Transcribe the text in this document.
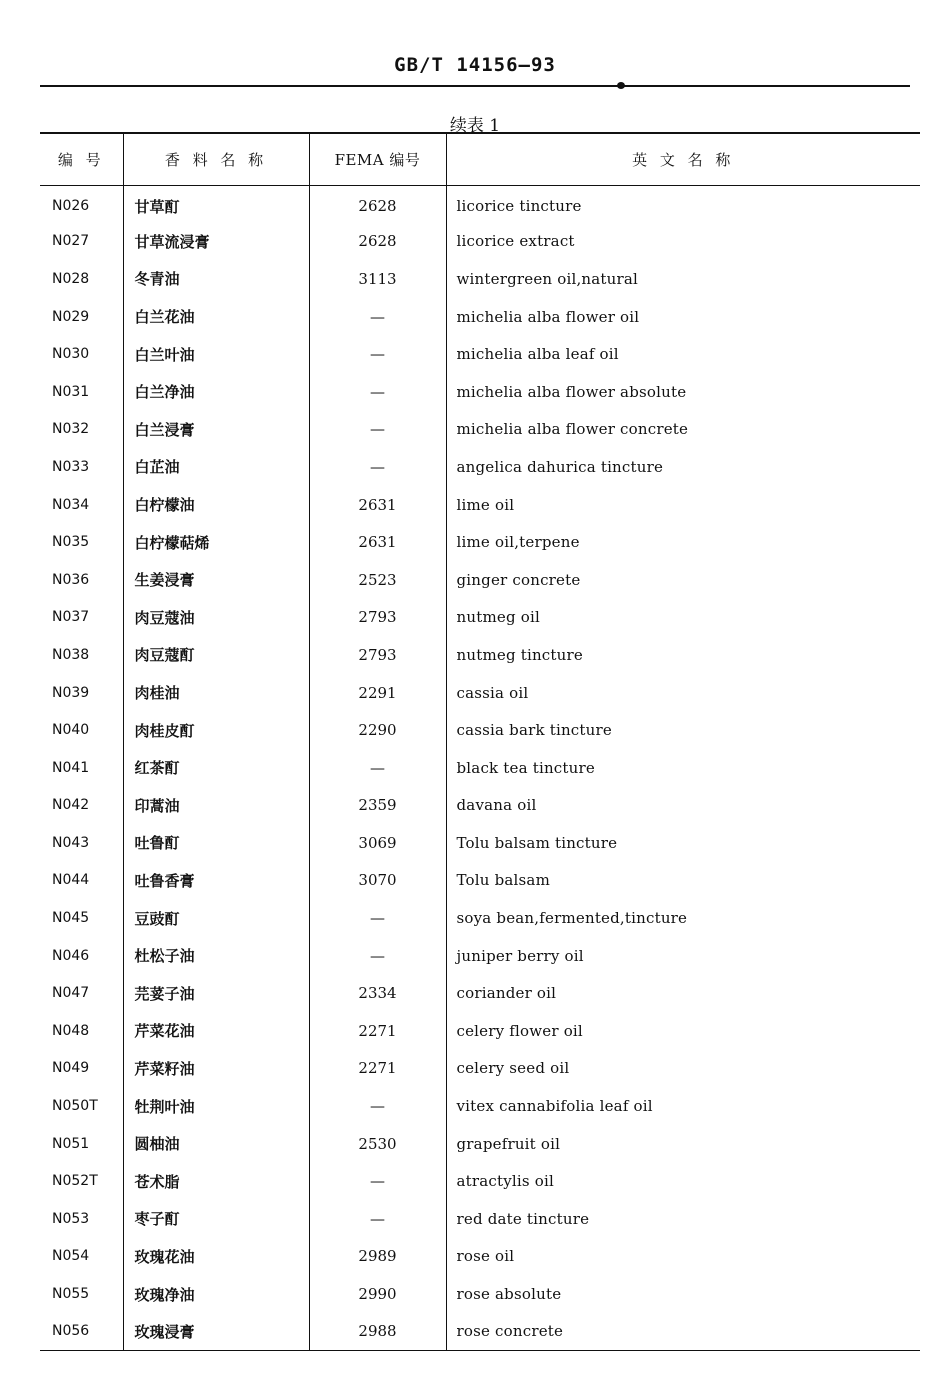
GB/T 14156—93
续表 1
编 号	香 料 名 称	FEMA 编号	英 文 名 称
N026	甘草酊	2628	licorice tincture
N027	甘草流浸膏	2628	licorice extract
N028	冬青油	3113	wintergreen oil,natural
N029	白兰花油	—	michelia alba flower oil
N030	白兰叶油	—	michelia alba leaf oil
N031	白兰净油	—	michelia alba flower absolute
N032	白兰浸膏	—	michelia alba flower concrete
N033	白芷油	—	angelica dahurica tincture
N034	白柠檬油	2631	lime oil
N035	白柠檬萜烯	2631	lime oil,terpene
N036	生姜浸膏	2523	ginger concrete
N037	肉豆蔻油	2793	nutmeg oil
N038	肉豆蔻酊	2793	nutmeg tincture
N039	肉桂油	2291	cassia oil
N040	肉桂皮酊	2290	cassia bark tincture
N041	红茶酊	—	black tea tincture
N042	印蒿油	2359	davana oil
N043	吐鲁酊	3069	Tolu balsam tincture
N044	吐鲁香膏	3070	Tolu balsam
N045	豆豉酊	—	soya bean,fermented,tincture
N046	杜松子油	—	juniper berry oil
N047	芫荽子油	2334	coriander oil
N048	芹菜花油	2271	celery flower oil
N049	芹菜籽油	2271	celery seed oil
N050T	牡荆叶油	—	vitex cannabifolia leaf oil
N051	圆柚油	2530	grapefruit oil
N052T	苍术脂	—	atractylis oil
N053	枣子酊	—	red date tincture
N054	玫瑰花油	2989	rose oil
N055	玫瑰净油	2990	rose absolute
N056	玫瑰浸膏	2988	rose concrete
